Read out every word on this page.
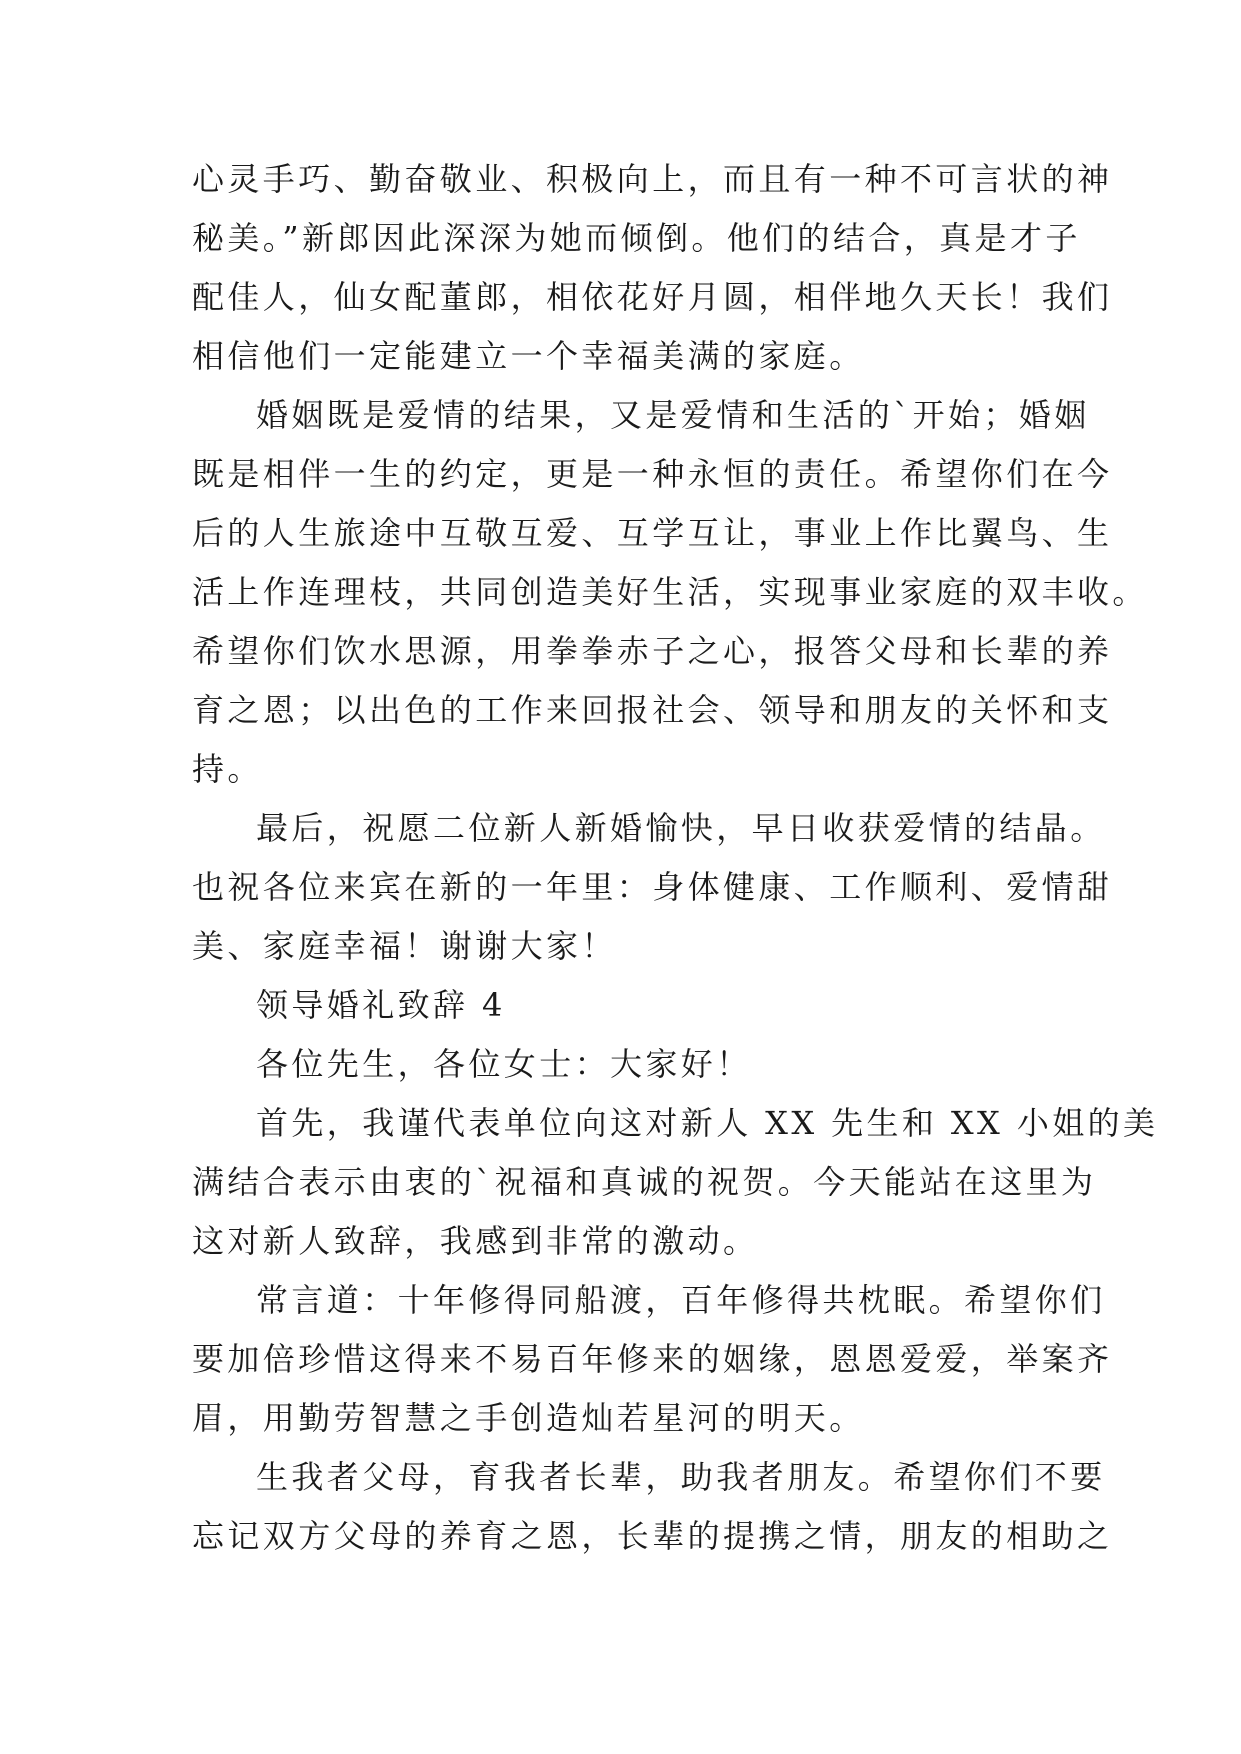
心灵手巧、勤奋敬业、积极向上，而且有一种不可言状的神
秘美。”新郎因此深深为她而倾倒。他们的结合，真是才子
配佳人，仙女配董郎，相依花好月圆，相伴地久天长！我们
相信他们一定能建立一个幸福美满的家庭。
婚姻既是爱情的结果，又是爱情和生活的`开始；婚姻
既是相伴一生的约定，更是一种永恒的责任。希望你们在今
后的人生旅途中互敬互爱、互学互让，事业上作比翼鸟、生
活上作连理枝，共同创造美好生活，实现事业家庭的双丰收。
希望你们饮水思源，用拳拳赤子之心，报答父母和长辈的养
育之恩；以出色的工作来回报社会、领导和朋友的关怀和支
持。
最后，祝愿二位新人新婚愉快，早日收获爱情的结晶。
也祝各位来宾在新的一年里：身体健康、工作顺利、爱情甜
美、家庭幸福！谢谢大家！
领导婚礼致辞 4
各位先生，各位女士：大家好！
首先，我谨代表单位向这对新人 XX 先生和 XX 小姐的美
满结合表示由衷的`祝福和真诚的祝贺。今天能站在这里为
这对新人致辞，我感到非常的激动。
常言道：十年修得同船渡，百年修得共枕眠。希望你们
要加倍珍惜这得来不易百年修来的姻缘，恩恩爱爱，举案齐
眉，用勤劳智慧之手创造灿若星河的明天。
生我者父母，育我者长辈，助我者朋友。希望你们不要
忘记双方父母的养育之恩，长辈的提携之情，朋友的相助之
